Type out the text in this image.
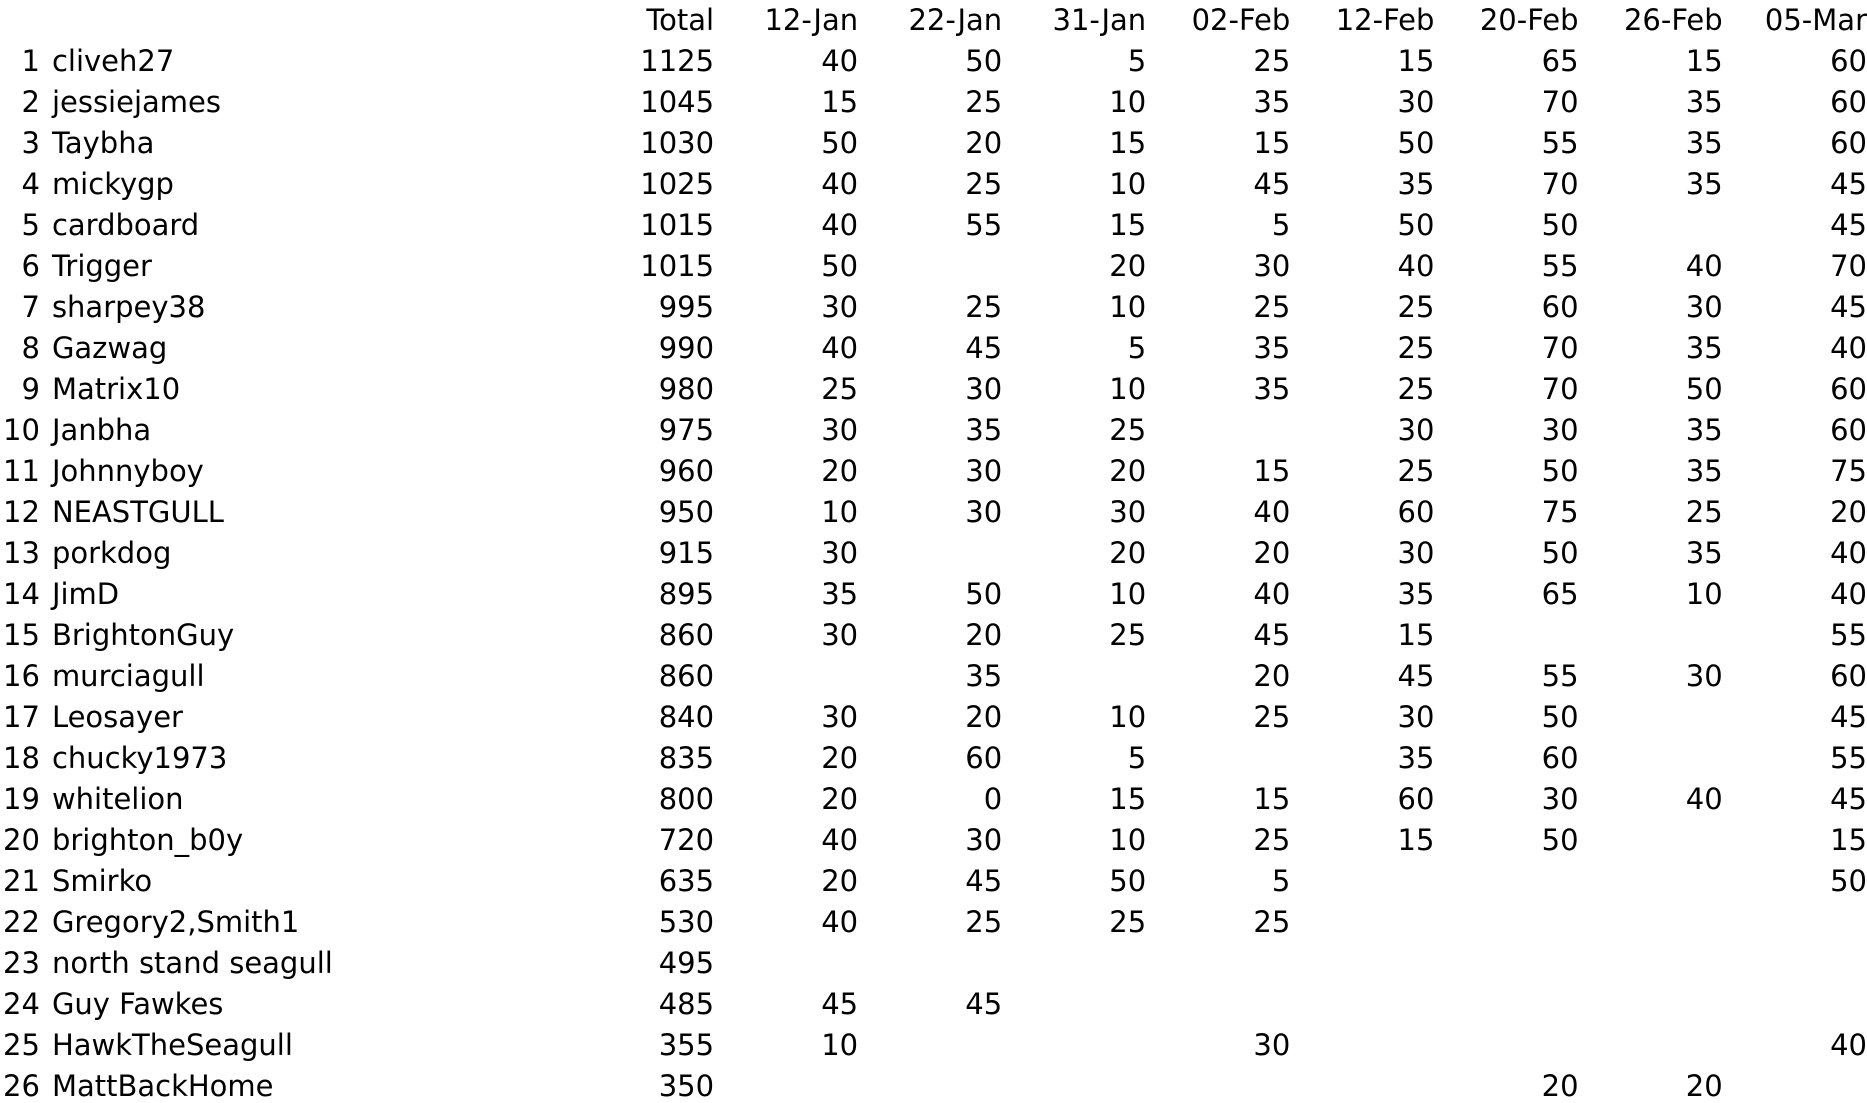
		Total	12-Jan	22-Jan	31-Jan	02-Feb	12-Feb	20-Feb	26-Feb	05-Mar
1	cliveh27	1125	40	50	5	25	15	65	15	60
2	jessiejames	1045	15	25	10	35	30	70	35	60
3	Taybha	1030	50	20	15	15	50	55	35	60
4	mickygp	1025	40	25	10	45	35	70	35	45
5	cardboard	1015	40	55	15	5	50	50		45
6	Trigger	1015	50		20	30	40	55	40	70
7	sharpey38	995	30	25	10	25	25	60	30	45
8	Gazwag	990	40	45	5	35	25	70	35	40
9	Matrix10	980	25	30	10	35	25	70	50	60
10	Janbha	975	30	35	25		30	30	35	60
11	Johnnyboy	960	20	30	20	15	25	50	35	75
12	NEASTGULL	950	10	30	30	40	60	75	25	20
13	porkdog	915	30		20	20	30	50	35	40
14	JimD	895	35	50	10	40	35	65	10	40
15	BrightonGuy	860	30	20	25	45	15			55
16	murciagull	860		35		20	45	55	30	60
17	Leosayer	840	30	20	10	25	30	50		45
18	chucky1973	835	20	60	5		35	60		55
19	whitelion	800	20	0	15	15	60	30	40	45
20	brighton_b0y	720	40	30	10	25	15	50		15
21	Smirko	635	20	45	50	5				50
22	Gregory2,Smith1	530	40	25	25	25				
23	north stand seagull	495								
24	Guy Fawkes	485	45	45						
25	HawkTheSeagull	355	10			30				40
26	MattBackHome	350						20	20	
